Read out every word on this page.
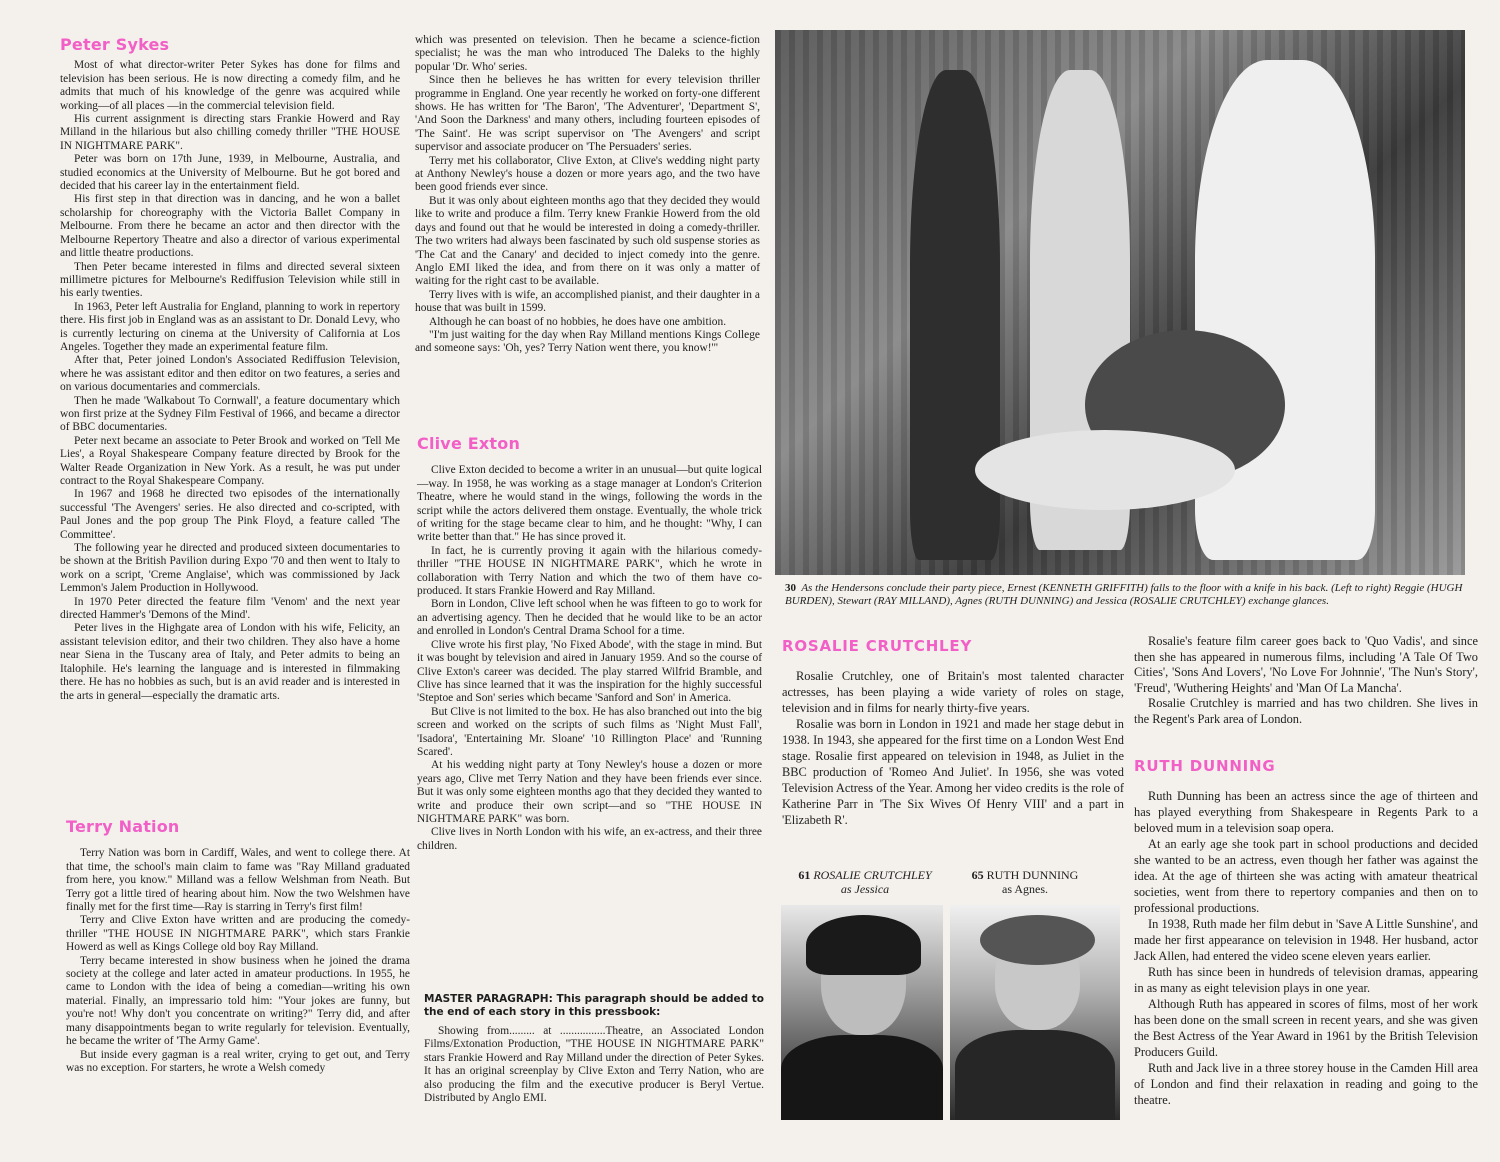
Peter Sykes

Most of what director-writer Peter Sykes has done for films and television has been serious. He is now directing a comedy film, and he admits that much of his knowledge of the genre was acquired while working—of all places —in the commercial television field.

His current assignment is directing stars Frankie Howerd and Ray Milland in the hilarious but also chilling comedy thriller "THE HOUSE IN NIGHTMARE PARK".

Peter was born on 17th June, 1939, in Melbourne, Australia, and studied economics at the University of Melbourne. But he got bored and decided that his career lay in the entertainment field.

His first step in that direction was in dancing, and he won a ballet scholarship for choreography with the Victoria Ballet Company in Melbourne. From there he became an actor and then director with the Melbourne Repertory Theatre and also a director of various experimental and little theatre productions.

Then Peter became interested in films and directed several sixteen millimetre pictures for Melbourne's Rediffusion Television while still in his early twenties.

In 1963, Peter left Australia for England, planning to work in repertory there. His first job in England was as an assistant to Dr. Donald Levy, who is currently lecturing on cinema at the University of California at Los Angeles. Together they made an experimental feature film.

After that, Peter joined London's Associated Rediffusion Television, where he was assistant editor and then editor on two features, a series and on various documentaries and commercials.

Then he made 'Walkabout To Cornwall', a feature documentary which won first prize at the Sydney Film Festival of 1966, and became a director of BBC documentaries.

Peter next became an associate to Peter Brook and worked on 'Tell Me Lies', a Royal Shakespeare Company feature directed by Brook for the Walter Reade Organization in New York. As a result, he was put under contract to the Royal Shakespeare Company.

In 1967 and 1968 he directed two episodes of the internationally successful 'The Avengers' series. He also directed and co-scripted, with Paul Jones and the pop group The Pink Floyd, a feature called 'The Committee'.

The following year he directed and produced sixteen documentaries to be shown at the British Pavilion during Expo '70 and then went to Italy to work on a script, 'Creme Anglaise', which was commissioned by Jack Lemmon's Jalem Production in Hollywood.

In 1970 Peter directed the feature film 'Venom' and the next year directed Hammer's 'Demons of the Mind'.

Peter lives in the Highgate area of London with his wife, Felicity, an assistant television editor, and their two children. They also have a home near Siena in the Tuscany area of Italy, and Peter admits to being an Italophile. He's learning the language and is interested in filmmaking there. He has no hobbies as such, but is an avid reader and is interested in the arts in general—especially the dramatic arts.

Terry Nation

Terry Nation was born in Cardiff, Wales, and went to college there. At that time, the school's main claim to fame was "Ray Milland graduated from here, you know." Milland was a fellow Welshman from Neath. But Terry got a little tired of hearing about him. Now the two Welshmen have finally met for the first time—Ray is starring in Terry's first film!

Terry and Clive Exton have written and are producing the comedy-thriller "THE HOUSE IN NIGHTMARE PARK", which stars Frankie Howerd as well as Kings College old boy Ray Milland.

Terry became interested in show business when he joined the drama society at the college and later acted in amateur productions. In 1955, he came to London with the idea of being a comedian—writing his own material. Finally, an impressario told him: "Your jokes are funny, but you're not! Why don't you concentrate on writing?" Terry did, and after many disappointments began to write regularly for television. Eventually, he became the writer of 'The Army Game'.

But inside every gagman is a real writer, crying to get out, and Terry was no exception. For starters, he wrote a Welsh comedy

which was presented on television. Then he became a science-fiction specialist; he was the man who introduced The Daleks to the highly popular 'Dr. Who' series.

Since then he believes he has written for every television thriller programme in England. One year recently he worked on forty-one different shows. He has written for 'The Baron', 'The Adventurer', 'Department S', 'And Soon the Darkness' and many others, including fourteen episodes of 'The Saint'. He was script supervisor on 'The Avengers' and script supervisor and associate producer on 'The Persuaders' series.

Terry met his collaborator, Clive Exton, at Clive's wedding night party at Anthony Newley's house a dozen or more years ago, and the two have been good friends ever since.

But it was only about eighteen months ago that they decided they would like to write and produce a film. Terry knew Frankie Howerd from the old days and found out that he would be interested in doing a comedy-thriller. The two writers had always been fascinated by such old suspense stories as 'The Cat and the Canary' and decided to inject comedy into the genre. Anglo EMI liked the idea, and from there on it was only a matter of waiting for the right cast to be available.

Terry lives with is wife, an accomplished pianist, and their daughter in a house that was built in 1599.

Although he can boast of no hobbies, he does have one ambition.

"I'm just waiting for the day when Ray Milland mentions Kings College and someone says: 'Oh, yes? Terry Nation went there, you know!'"

Clive Exton

Clive Exton decided to become a writer in an unusual—but quite logical—way. In 1958, he was working as a stage manager at London's Criterion Theatre, where he would stand in the wings, following the words in the script while the actors delivered them onstage. Eventually, the whole trick of writing for the stage became clear to him, and he thought: "Why, I can write better than that." He has since proved it.

In fact, he is currently proving it again with the hilarious comedy-thriller "THE HOUSE IN NIGHTMARE PARK", which he wrote in collaboration with Terry Nation and which the two of them have co-produced. It stars Frankie Howerd and Ray Milland.

Born in London, Clive left school when he was fifteen to go to work for an advertising agency. Then he decided that he would like to be an actor and enrolled in London's Central Drama School for a time.

Clive wrote his first play, 'No Fixed Abode', with the stage in mind. But it was bought by television and aired in January 1959. And so the course of Clive Exton's career was decided. The play starred Wilfrid Bramble, and Clive has since learned that it was the inspiration for the highly successful 'Steptoe and Son' series which became 'Sanford and Son' in America.

But Clive is not limited to the box. He has also branched out into the big screen and worked on the scripts of such films as 'Night Must Fall', 'Isadora', 'Entertaining Mr. Sloane' '10 Rillington Place' and 'Running Scared'.

At his wedding night party at Tony Newley's house a dozen or more years ago, Clive met Terry Nation and they have been friends ever since. But it was only some eighteen months ago that they decided they wanted to write and produce their own script—and so "THE HOUSE IN NIGHTMARE PARK" was born.

Clive lives in North London with his wife, an ex-actress, and their three children.

MASTER PARAGRAPH: This paragraph should be added to the end of each story in this pressbook:

Showing from......... at ................Theatre, an Associated London Films/Extonation Production, "THE HOUSE IN NIGHTMARE PARK" stars Frankie Howerd and Ray Milland under the direction of Peter Sykes. It has an original screenplay by Clive Exton and Terry Nation, who are also producing the film and the executive producer is Beryl Vertue. Distributed by Anglo EMI.

30 As the Hendersons conclude their party piece, Ernest (KENNETH GRIFFITH) falls to the floor with a knife in his back. (Left to right) Reggie (HUGH BURDEN), Stewart (RAY MILLAND), Agnes (RUTH DUNNING) and Jessica (ROSALIE CRUTCHLEY) exchange glances.
ROSALIE CRUTCHLEY

Rosalie Crutchley, one of Britain's most talented character actresses, has been playing a wide variety of roles on stage, television and in films for nearly thirty-five years.

Rosalie was born in London in 1921 and made her stage debut in 1938. In 1943, she appeared for the first time on a London West End stage. Rosalie first appeared on television in 1948, as Juliet in the BBC production of 'Romeo And Juliet'. In 1956, she was voted Television Actress of the Year. Among her video credits is the role of Katherine Parr in 'The Six Wives Of Henry VIII' and a part in 'Elizabeth R'.

61 ROSALIE CRUTCHLEY
as Jessica
65 RUTH DUNNING
as Agnes.

Rosalie's feature film career goes back to 'Quo Vadis', and since then she has appeared in numerous films, including 'A Tale Of Two Cities', 'Sons And Lovers', 'No Love For Johnnie', 'The Nun's Story', 'Freud', 'Wuthering Heights' and 'Man Of La Mancha'.

Rosalie Crutchley is married and has two children. She lives in the Regent's Park area of London.

RUTH DUNNING

Ruth Dunning has been an actress since the age of thirteen and has played everything from Shakespeare in Regents Park to a beloved mum in a television soap opera.

At an early age she took part in school productions and decided she wanted to be an actress, even though her father was against the idea. At the age of thirteen she was acting with amateur theatrical societies, went from there to repertory companies and then on to professional productions.

In 1938, Ruth made her film debut in 'Save A Little Sunshine', and made her first appearance on television in 1948. Her husband, actor Jack Allen, had entered the video scene eleven years earlier.

Ruth has since been in hundreds of television dramas, appearing in as many as eight television plays in one year.

Although Ruth has appeared in scores of films, most of her work has been done on the small screen in recent years, and she was given the Best Actress of the Year Award in 1961 by the British Television Producers Guild.

Ruth and Jack live in a three storey house in the Camden Hill area of London and find their relaxation in reading and going to the theatre.
